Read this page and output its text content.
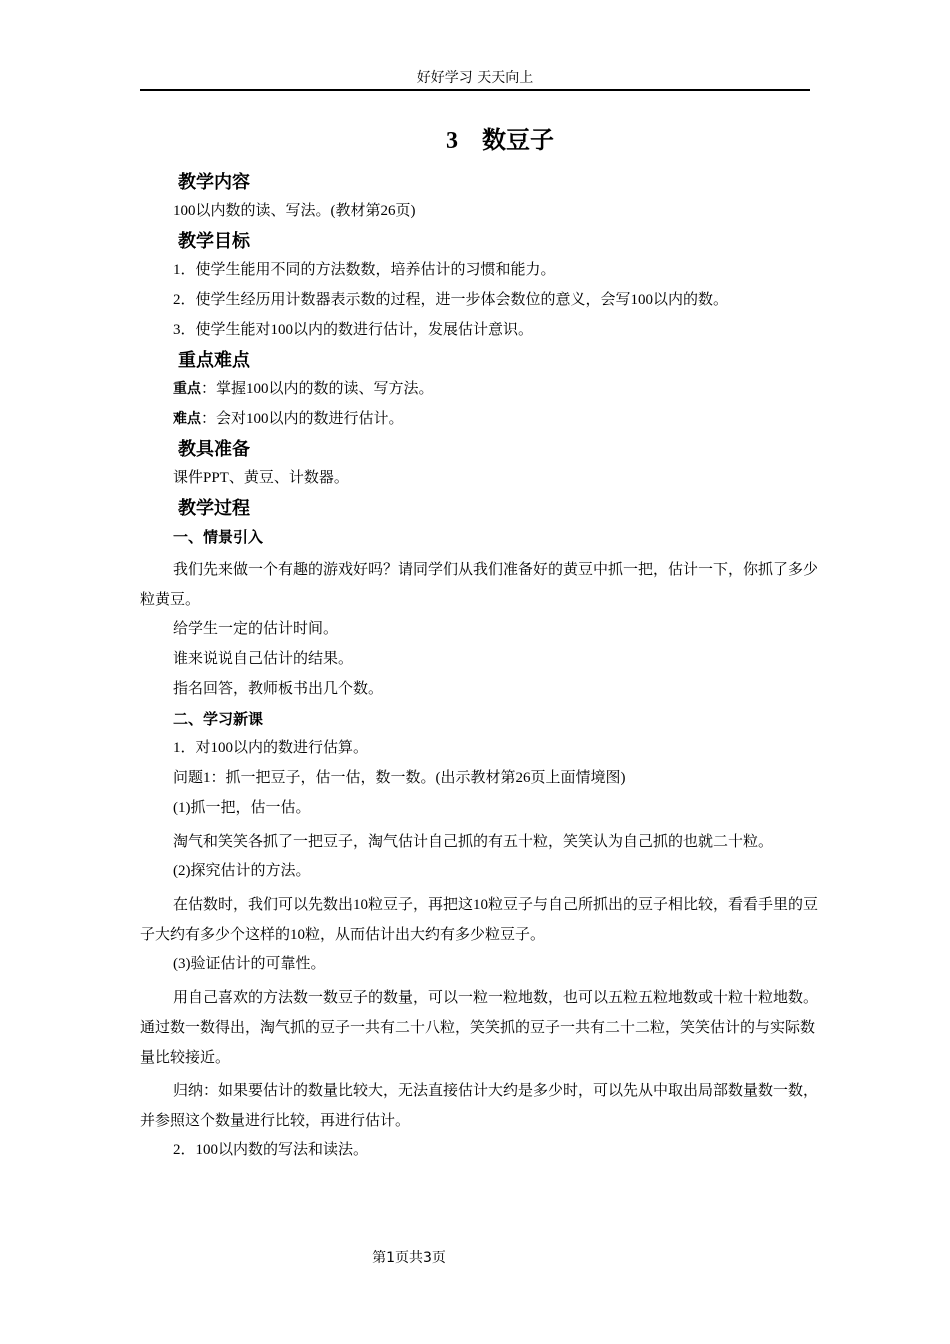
好好学习 天天向上
3　数豆子
教学内容
100以内数的读、写法。(教材第26页)
教学目标
1．使学生能用不同的方法数数，培养估计的习惯和能力。
2．使学生经历用计数器表示数的过程，进一步体会数位的意义，会写100以内的数。
3．使学生能对100以内的数进行估计，发展估计意识。
重点难点
重点：掌握100以内的数的读、写方法。
难点：会对100以内的数进行估计。
教具准备
课件PPT、黄豆、计数器。
教学过程
一、情景引入
我们先来做一个有趣的游戏好吗？请同学们从我们准备好的黄豆中抓一把，估计一下，你抓了多少粒黄豆。
给学生一定的估计时间。
谁来说说自己估计的结果。
指名回答，教师板书出几个数。
二、学习新课
1．对100以内的数进行估算。
问题1：抓一把豆子，估一估，数一数。(出示教材第26页上面情境图)
(1)抓一把，估一估。
淘气和笑笑各抓了一把豆子，淘气估计自己抓的有五十粒，笑笑认为自己抓的也就二十粒。
(2)探究估计的方法。
在估数时，我们可以先数出10粒豆子，再把这10粒豆子与自己所抓出的豆子相比较，看看手里的豆子大约有多少个这样的10粒，从而估计出大约有多少粒豆子。
(3)验证估计的可靠性。
用自己喜欢的方法数一数豆子的数量，可以一粒一粒地数，也可以五粒五粒地数或十粒十粒地数。通过数一数得出，淘气抓的豆子一共有二十八粒，笑笑抓的豆子一共有二十二粒，笑笑估计的与实际数量比较接近。
归纳：如果要估计的数量比较大，无法直接估计大约是多少时，可以先从中取出局部数量数一数，并参照这个数量进行比较，再进行估计。
2．100以内数的写法和读法。
第1页共3页
